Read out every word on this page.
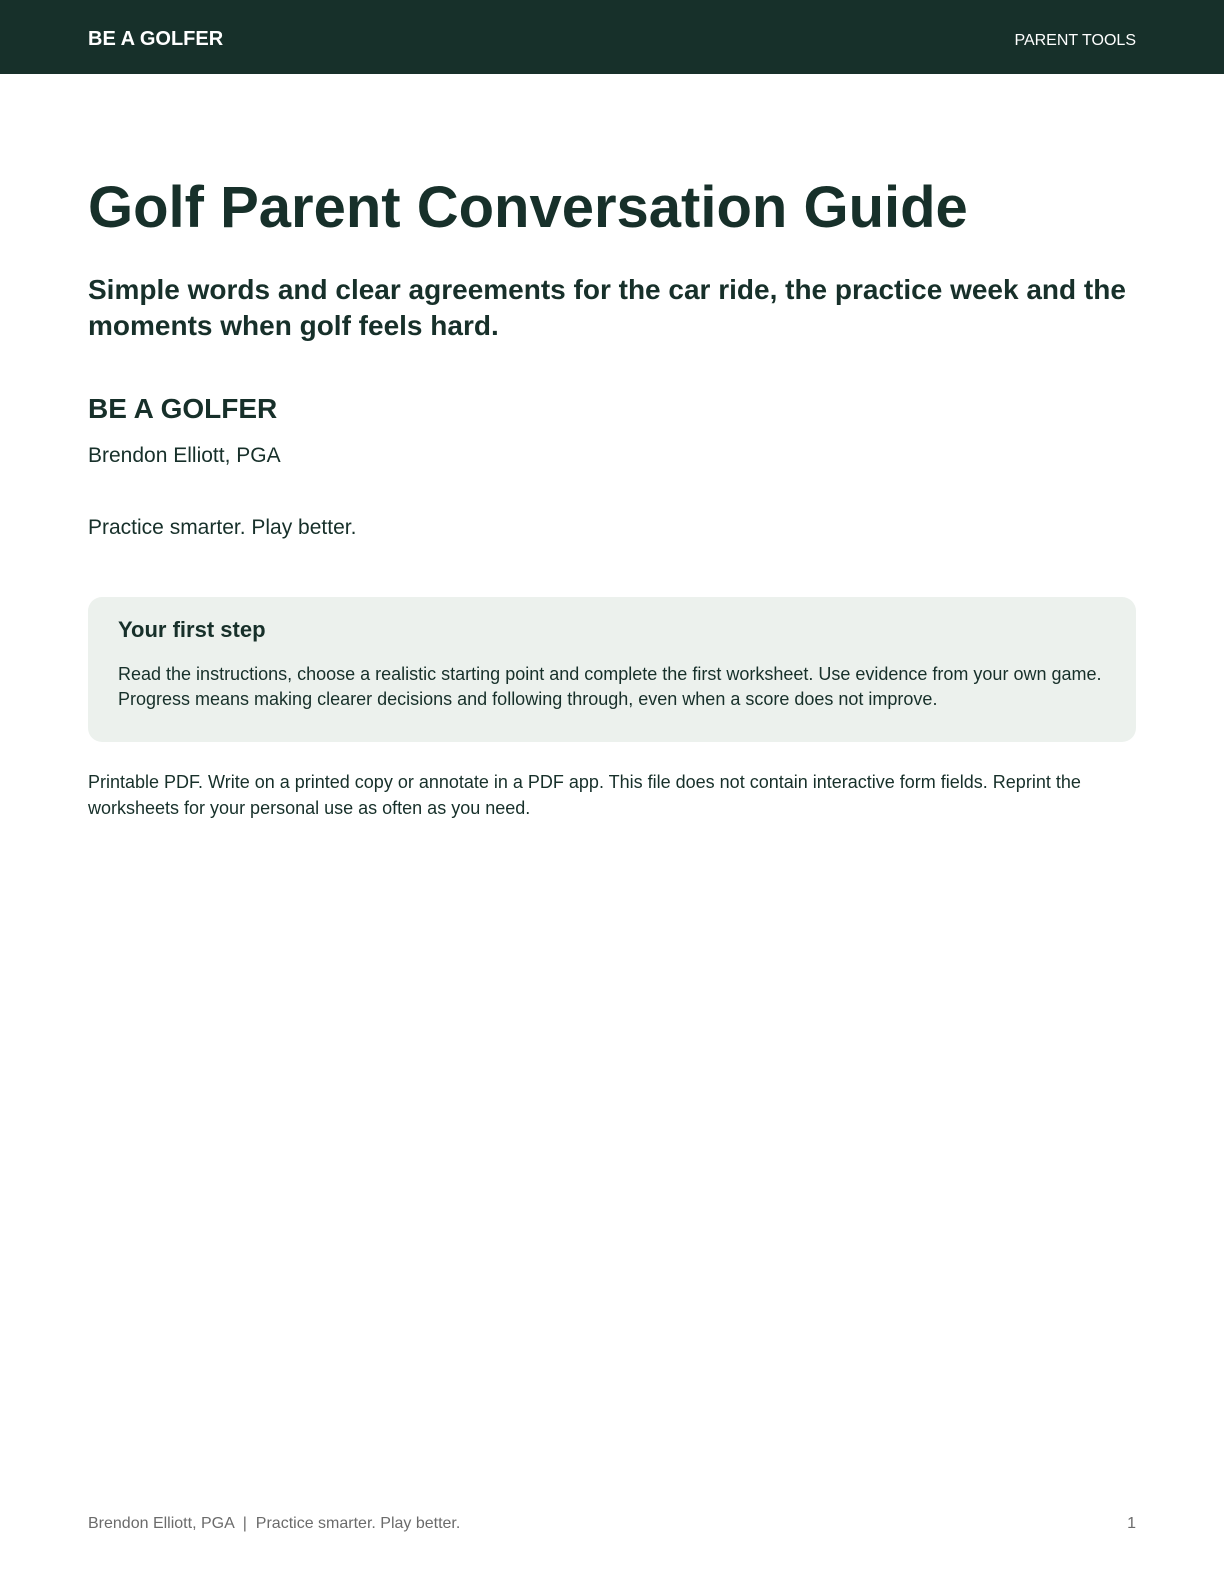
BE A GOLFER	PARENT TOOLS
Golf Parent Conversation Guide
Simple words and clear agreements for the car ride, the practice week and the moments when golf feels hard.
BE A GOLFER
Brendon Elliott, PGA
Practice smarter. Play better.
Your first step

Read the instructions, choose a realistic starting point and complete the first worksheet. Use evidence from your own game. Progress means making clearer decisions and following through, even when a score does not improve.

Printable PDF. Write on a printed copy or annotate in a PDF app. This file does not contain interactive form fields. Reprint the worksheets for your personal use as often as you need.

Brendon Elliott, PGA  |  Practice smarter. Play better.	1
